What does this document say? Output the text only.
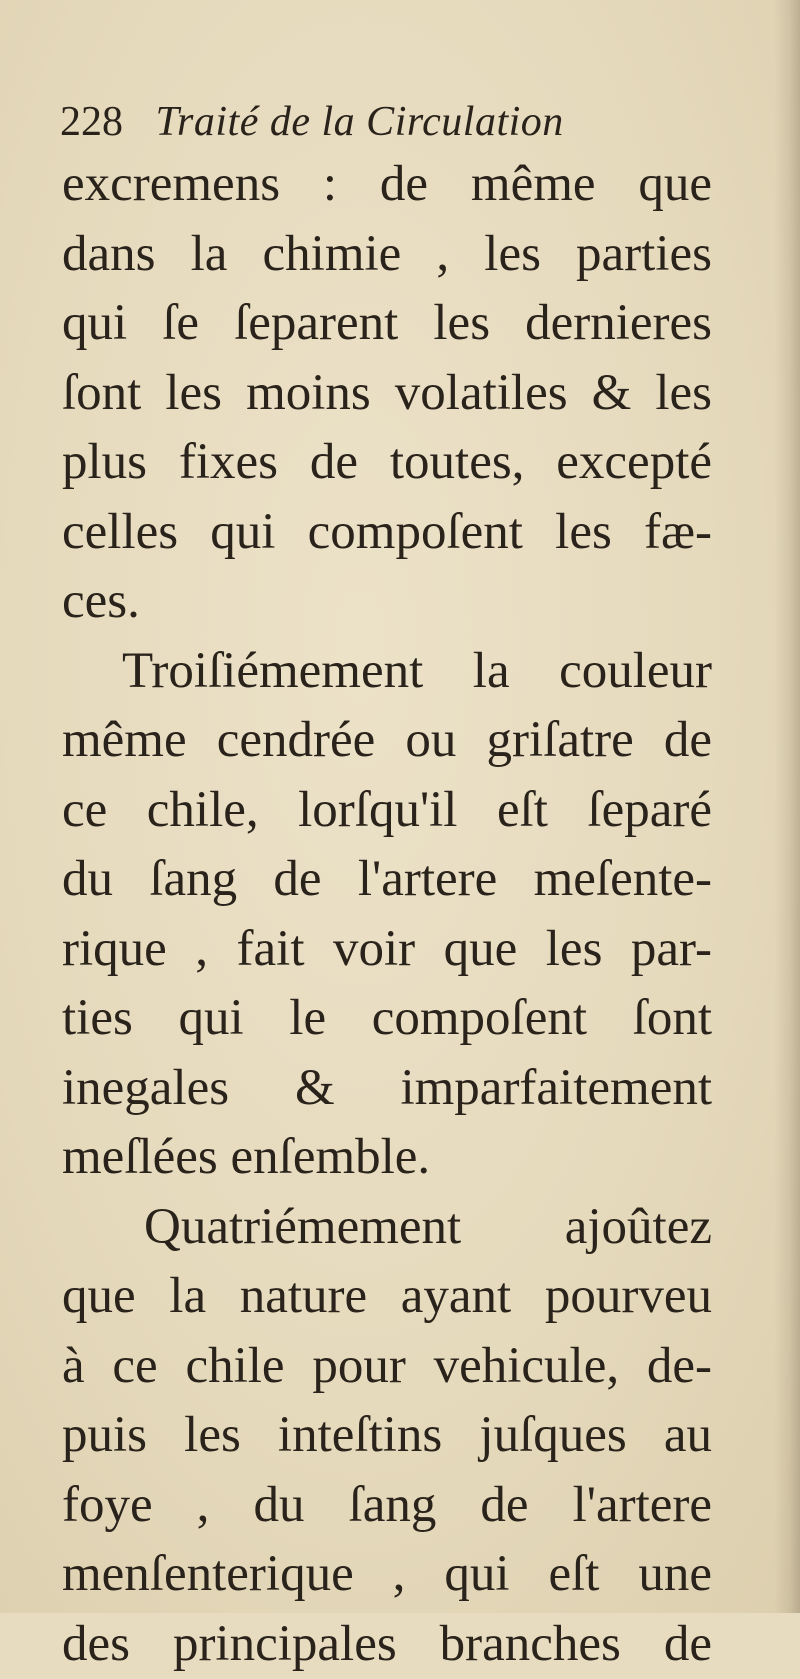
228 Traité de la Circulation
excremens : de même que
dans la chimie , les parties
qui ſe ſeparent les dernieres
ſont les moins volatiles & les
plus fixes de toutes, excepté
celles qui compoſent les fæ-
ces.
Troiſiémement la couleur
même cendrée ou griſatre de
ce chile, lorſqu'il eſt ſeparé
du ſang de l'artere meſente-
rique , fait voir que les par-
ties qui le compoſent ſont
inegales & imparfaitement
meſlées enſemble.
Quatriémement ajoûtez
que la nature ayant pourveu
à ce chile pour vehicule, de-
puis les inteſtins juſques au
foye , du ſang de l'artere
menſenterique , qui eſt une
des principales branches de
